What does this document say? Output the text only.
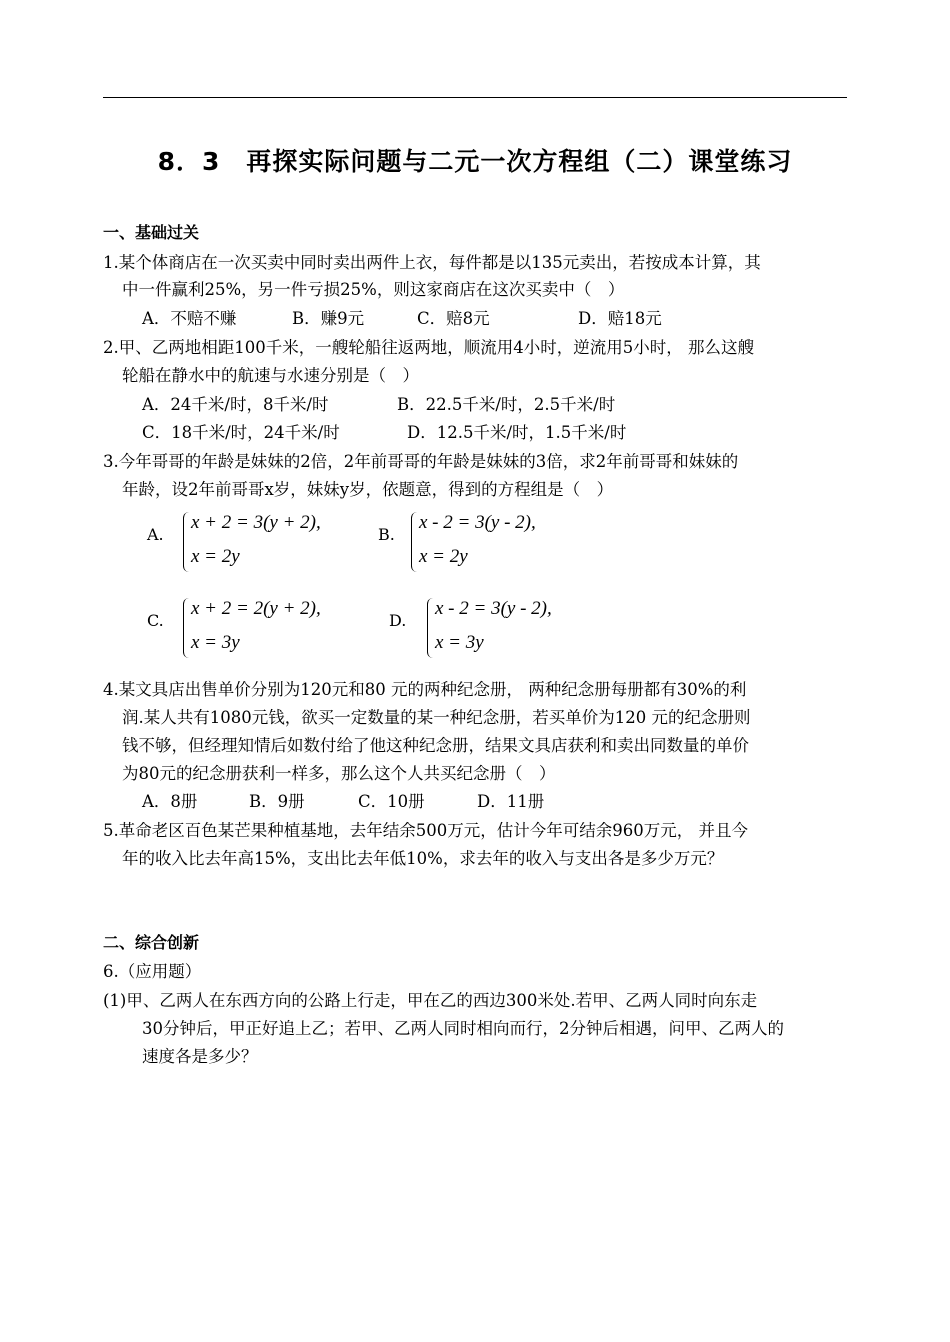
8．3　再探实际问题与二元一次方程组（二）课堂练习
一、基础过关
1.某个体商店在一次买卖中同时卖出两件上衣，每件都是以135元卖出，若按成本计算，其
中一件赢利25%，另一件亏损25%，则这家商店在这次买卖中（　）
A．不赔不赚	B．赚9元	C．赔8元	D．赔18元
2.甲、乙两地相距100千米，一艘轮船往返两地，顺流用4小时，逆流用5小时， 那么这艘
轮船在静水中的航速与水速分别是（　）
A．24千米/时，8千米/时	B．22.5千米/时，2.5千米/时
C．18千米/时，24千米/时	D．12.5千米/时，1.5千米/时
3.今年哥哥的年龄是妹妹的2倍，2年前哥哥的年龄是妹妹的3倍，求2年前哥哥和妹妹的
年龄，设2年前哥哥x岁，妹妹y岁，依题意，得到的方程组是（　）
A.
x + 2 = 3(y + 2),
x = 2y
B.
x - 2 = 3(y - 2),
x = 2y
C.
x + 2 = 2(y + 2),
x = 3y
D.
x - 2 = 3(y - 2),
x = 3y
4.某文具店出售单价分别为120元和80 元的两种纪念册， 两种纪念册每册都有30%的利
润.某人共有1080元钱，欲买一定数量的某一种纪念册，若买单价为120 元的纪念册则
钱不够，但经理知情后如数付给了他这种纪念册，结果文具店获利和卖出同数量的单价
为80元的纪念册获利一样多，那么这个人共买纪念册（　）
A．8册	B．9册	C．10册	D．11册
5.革命老区百色某芒果种植基地，去年结余500万元，估计今年可结余960万元， 并且今
年的收入比去年高15%，支出比去年低10%，求去年的收入与支出各是多少万元？
二、综合创新
6.（应用题）
(1)甲、乙两人在东西方向的公路上行走，甲在乙的西边300米处.若甲、乙两人同时向东走
30分钟后，甲正好追上乙；若甲、乙两人同时相向而行，2分钟后相遇，问甲、乙两人的
速度各是多少？
